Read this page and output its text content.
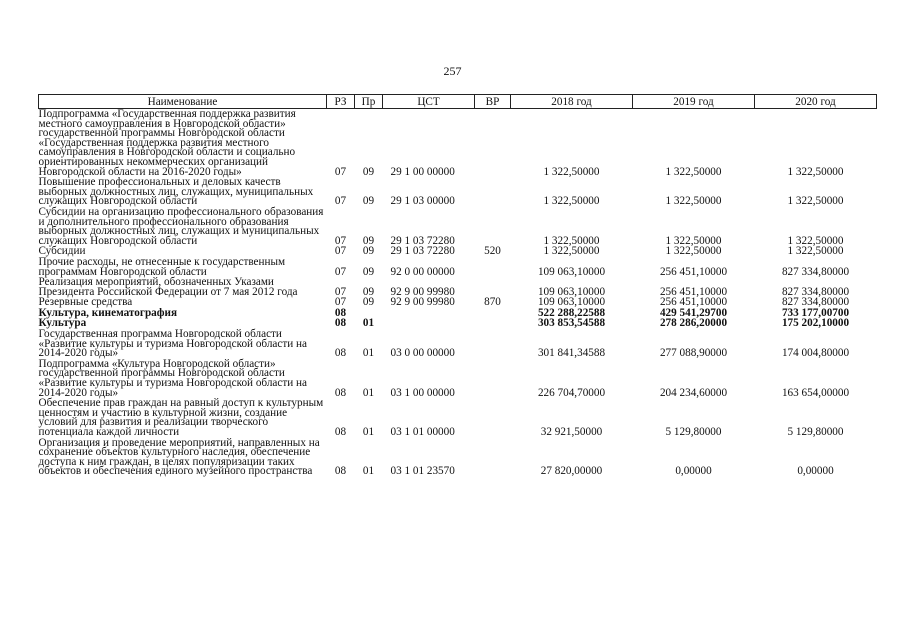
257
Наименование	РЗ	Пр	ЦСТ	ВР	2018 год	2019 год	2020 год
Подпрограмма «Государственная поддержка развития местного самоуправления в Новгородской области» государственной программы Новгородской области «Государственная поддержка развития местного самоуправления в Новгородской области и социально ориентированных некоммерческих организаций Новгородской области на 2016-2020 годы»	07	09	29 1 00 00000		1 322,50000	1 322,50000	1 322,50000
Повышение профессиональных и деловых качеств выборных должностных лиц, служащих, муниципальных служащих Новгородской области	07	09	29 1 03 00000		1 322,50000	1 322,50000	1 322,50000
Субсидии на организацию профессионального образования и дополнительного профессионального образования выборных должностных лиц, служащих и муниципальных служащих Новгородской области	07	09	29 1 03 72280		1 322,50000	1 322,50000	1 322,50000
Субсидии	07	09	29 1 03 72280	520	1 322,50000	1 322,50000	1 322,50000
Прочие расходы, не отнесенные к государственным программам Новгородской области	07	09	92 0 00 00000		109 063,10000	256 451,10000	827 334,80000
Реализация мероприятий, обозначенных Указами Президента Российской Федерации от 7 мая 2012 года	07	09	92 9 00 99980		109 063,10000	256 451,10000	827 334,80000
Резервные средства	07	09	92 9 00 99980	870	109 063,10000	256 451,10000	827 334,80000
Культура, кинематография	08				522 288,22588	429 541,29700	733 177,00700
Культура	08	01			303 853,54588	278 286,20000	175 202,10000
Государственная программа Новгородской области «Развитие культуры и туризма Новгородской области на 2014-2020 годы»	08	01	03 0 00 00000		301 841,34588	277 088,90000	174 004,80000
Подпрограмма «Культура Новгородской области» государственной программы Новгородской области «Развитие культуры и туризма Новгородской области на 2014-2020 годы»	08	01	03 1 00 00000		226 704,70000	204 234,60000	163 654,00000
Обеспечение прав граждан на равный доступ к культурным ценностям и участию в культурной жизни, создание условий для развития и реализации творческого потенциала каждой личности	08	01	03 1 01 00000		32 921,50000	5 129,80000	5 129,80000
Организация и проведение мероприятий, направленных на сохранение объектов культурного наследия, обеспечение доступа к ним граждан, в целях популяризации таких объектов и обеспечения единого музейного пространства	08	01	03 1 01 23570		27 820,00000	0,00000	0,00000
